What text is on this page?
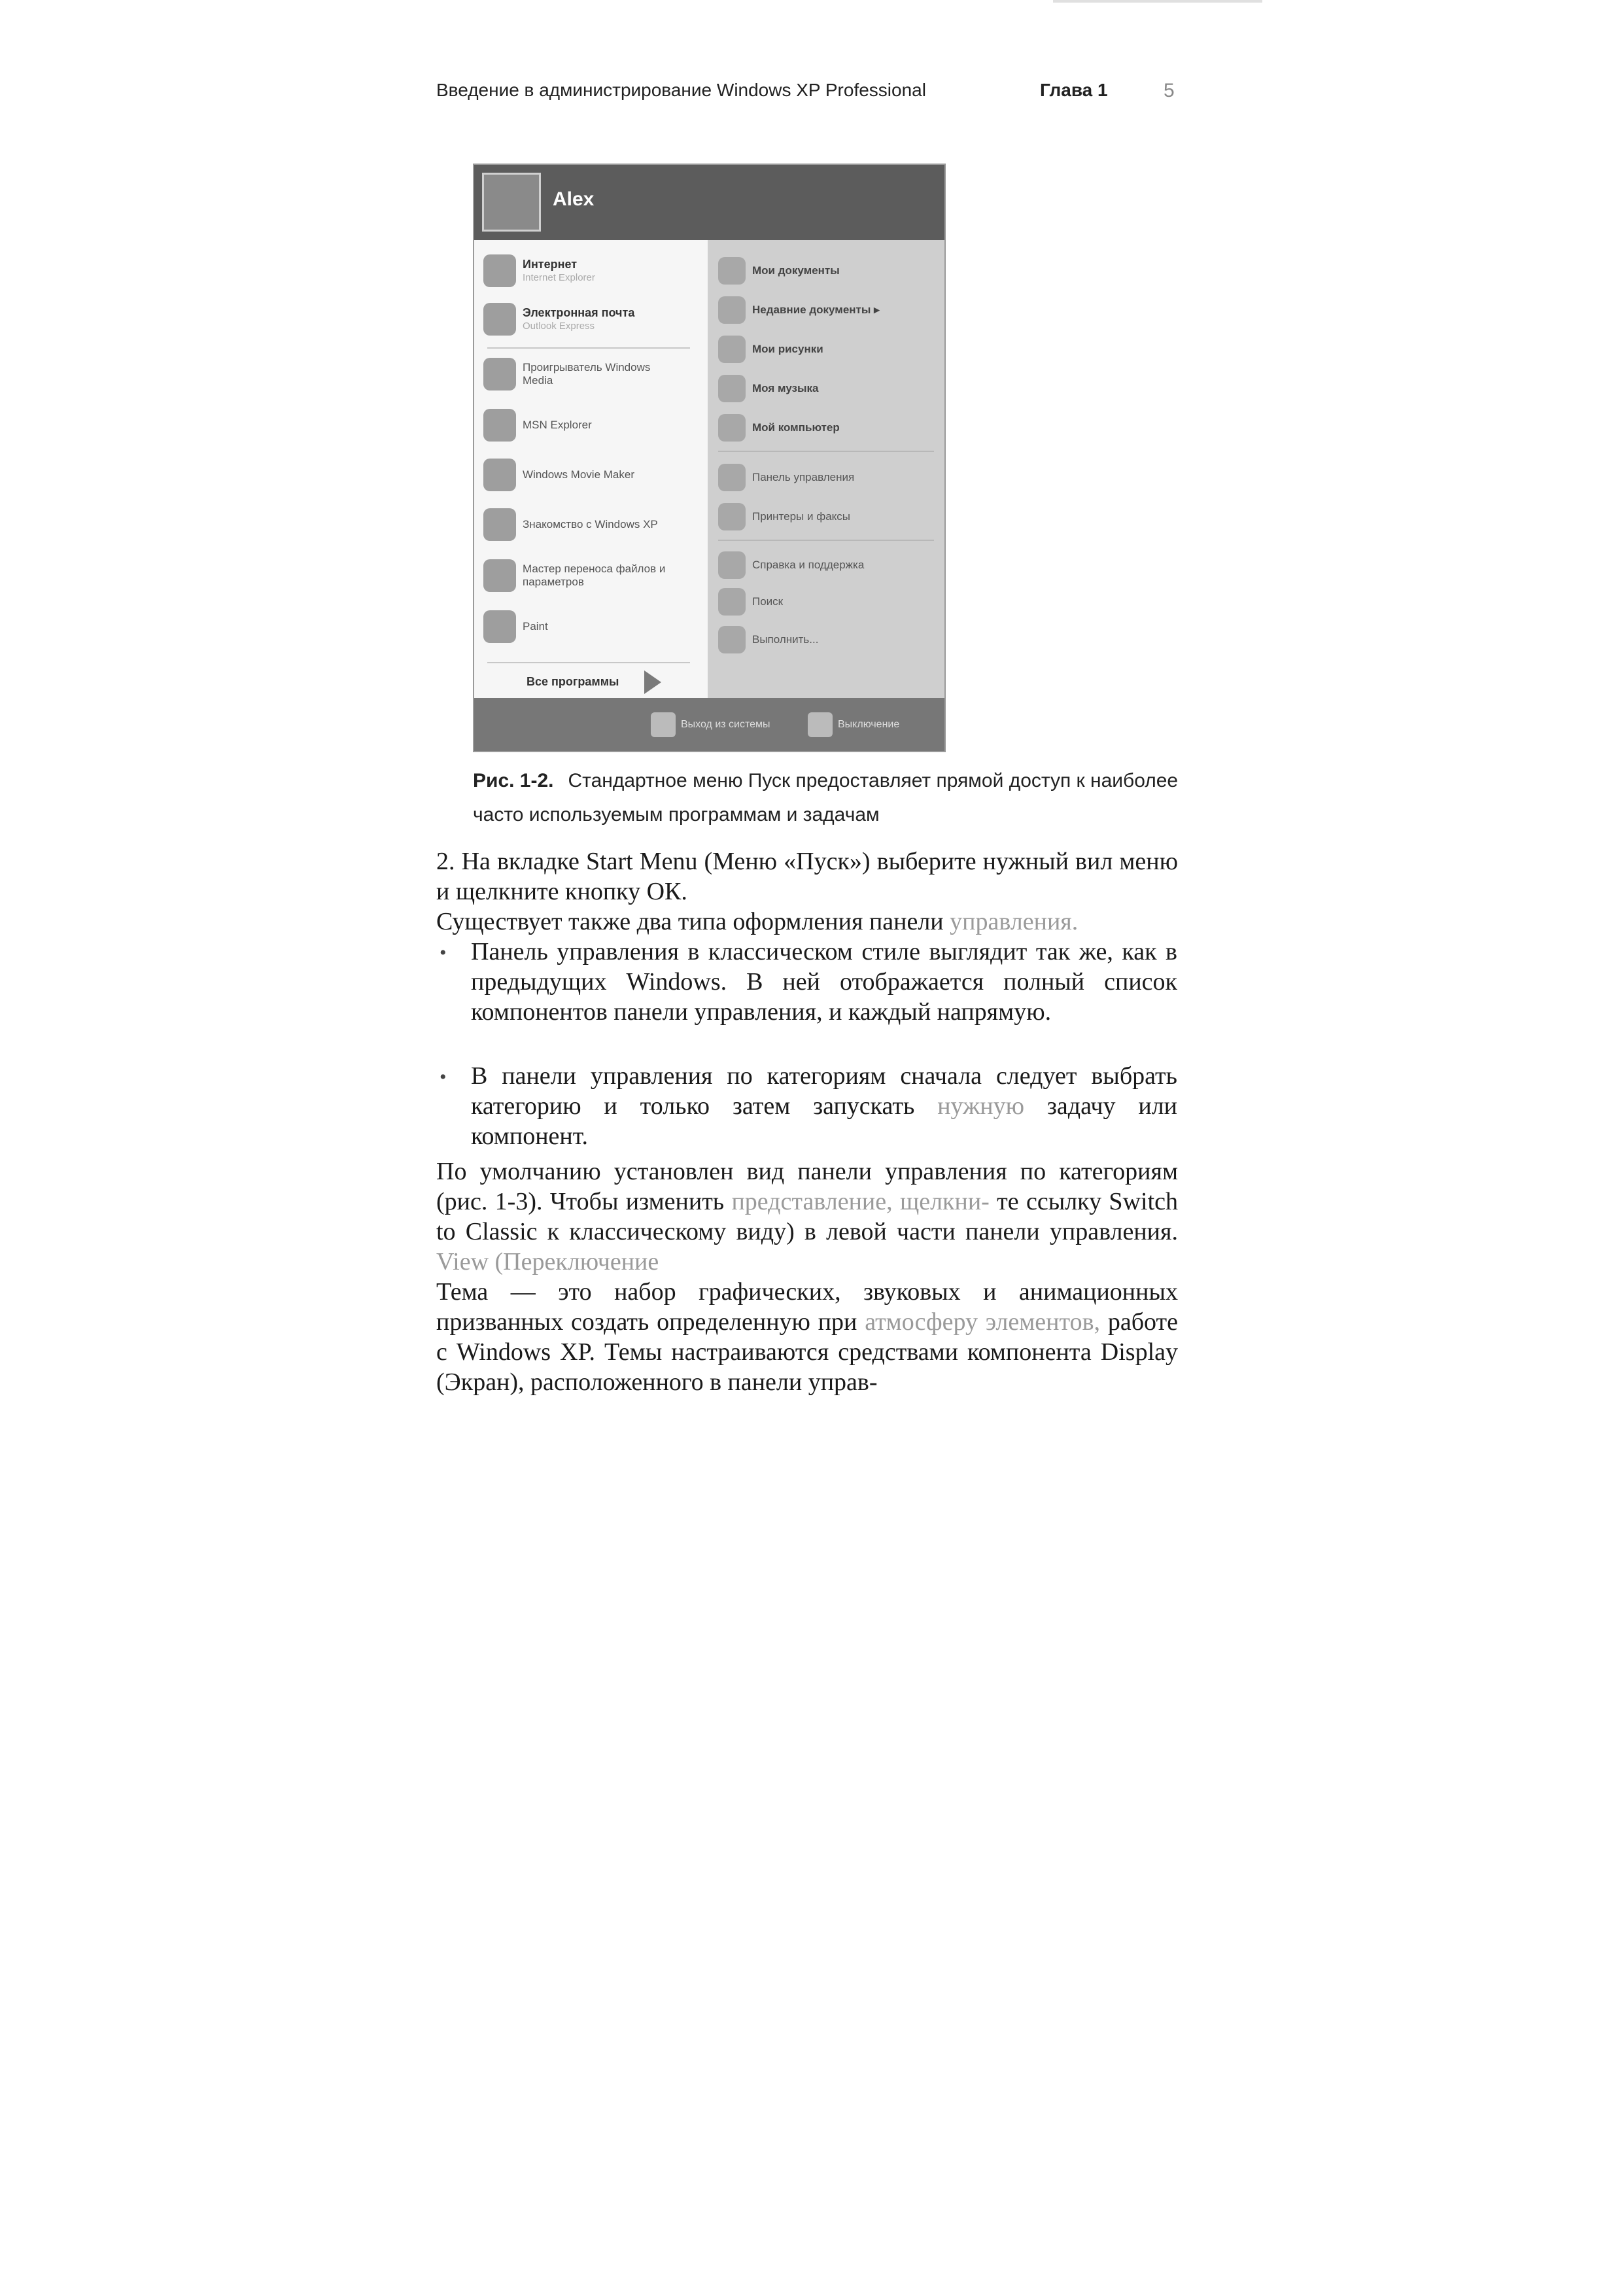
Введение в администрирование Windows XP Professional	Глава 1	5
Alex
Интернет
Internet Explorer
Электронная почта
Outlook Express
Проигрыватель Windows Media
MSN Explorer
Windows Movie Maker
Знакомство с Windows XP
Мастер переноса файлов и параметров
Paint
Все программы
Мои документы
Недавние документы ▸
Мои рисунки
Моя музыка
Мой компьютер
Панель управления
Принтеры и факсы
Справка и поддержка
Поиск
Выполнить...
Выход из системы	Выключение
Рис. 1-2. Стандартное меню Пуск предоставляет прямой доступ к наиболее часто используемым программам и задачам
2. На вкладке Start Menu (Меню «Пуск») выберите нужный вил меню и щелкните кнопку ОК.
Существует также два типа оформления панели управления.
• Панель управления в классическом стиле выглядит так же, как в предыдущих Windows. В ней отображается полный список компонентов панели управления, и каждый напрямую.
• В панели управления по категориям сначала следует выбрать категорию и только затем запускать нужную задачу или компонент.
По умолчанию установлен вид панели управления по категориям (рис. 1-3). Чтобы изменить представление, щелкни- те ссылку Switch to Classic к классическому виду) в левой части панели управления. View (Переключение
Тема — это набор графических, звуковых и анимационных призванных создать определенную при атмосферу элементов, работе с Windows XP. Темы настраиваются средствами компонента Display (Экран), расположенного в панели управ-
